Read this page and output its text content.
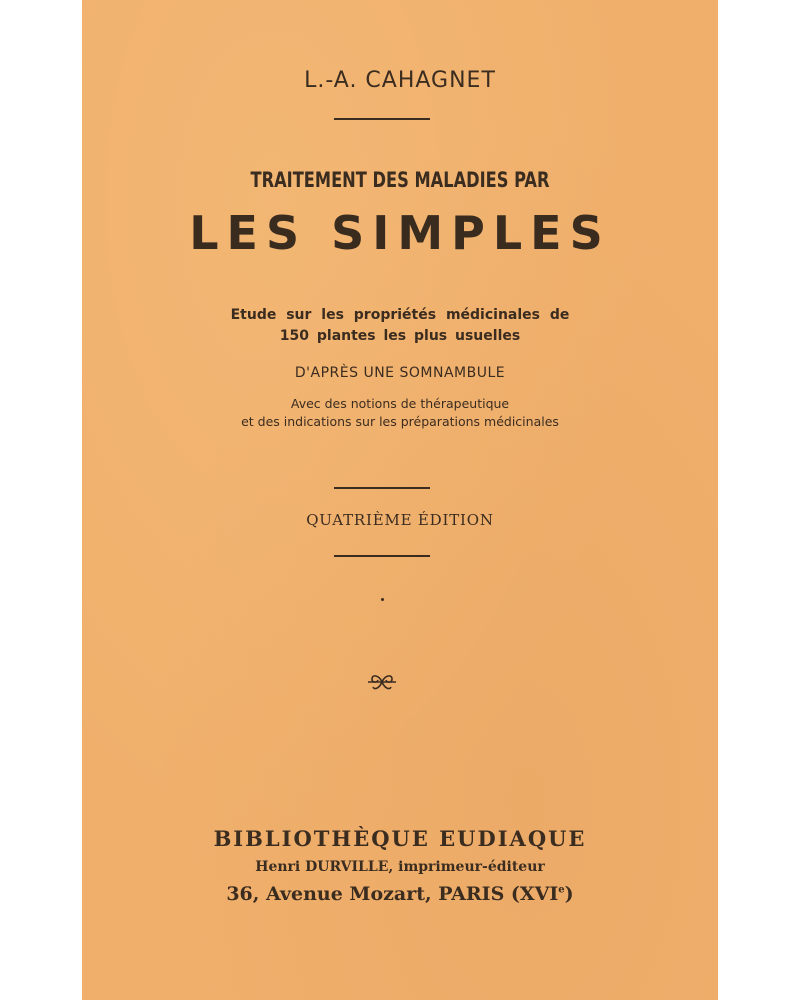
L.-A. CAHAGNET
TRAITEMENT DES MALADIES PAR
LES SIMPLES
Etude sur les propriétés médicinales de
150 plantes les plus usuelles
D'APRÈS UNE SOMNAMBULE
Avec des notions de thérapeutique
et des indications sur les préparations médicinales
QUATRIÈME ÉDITION
BIBLIOTHÈQUE EUDIAQUE
Henri DURVILLE, imprimeur-éditeur
36, Avenue Mozart, PARIS (XVIe)
